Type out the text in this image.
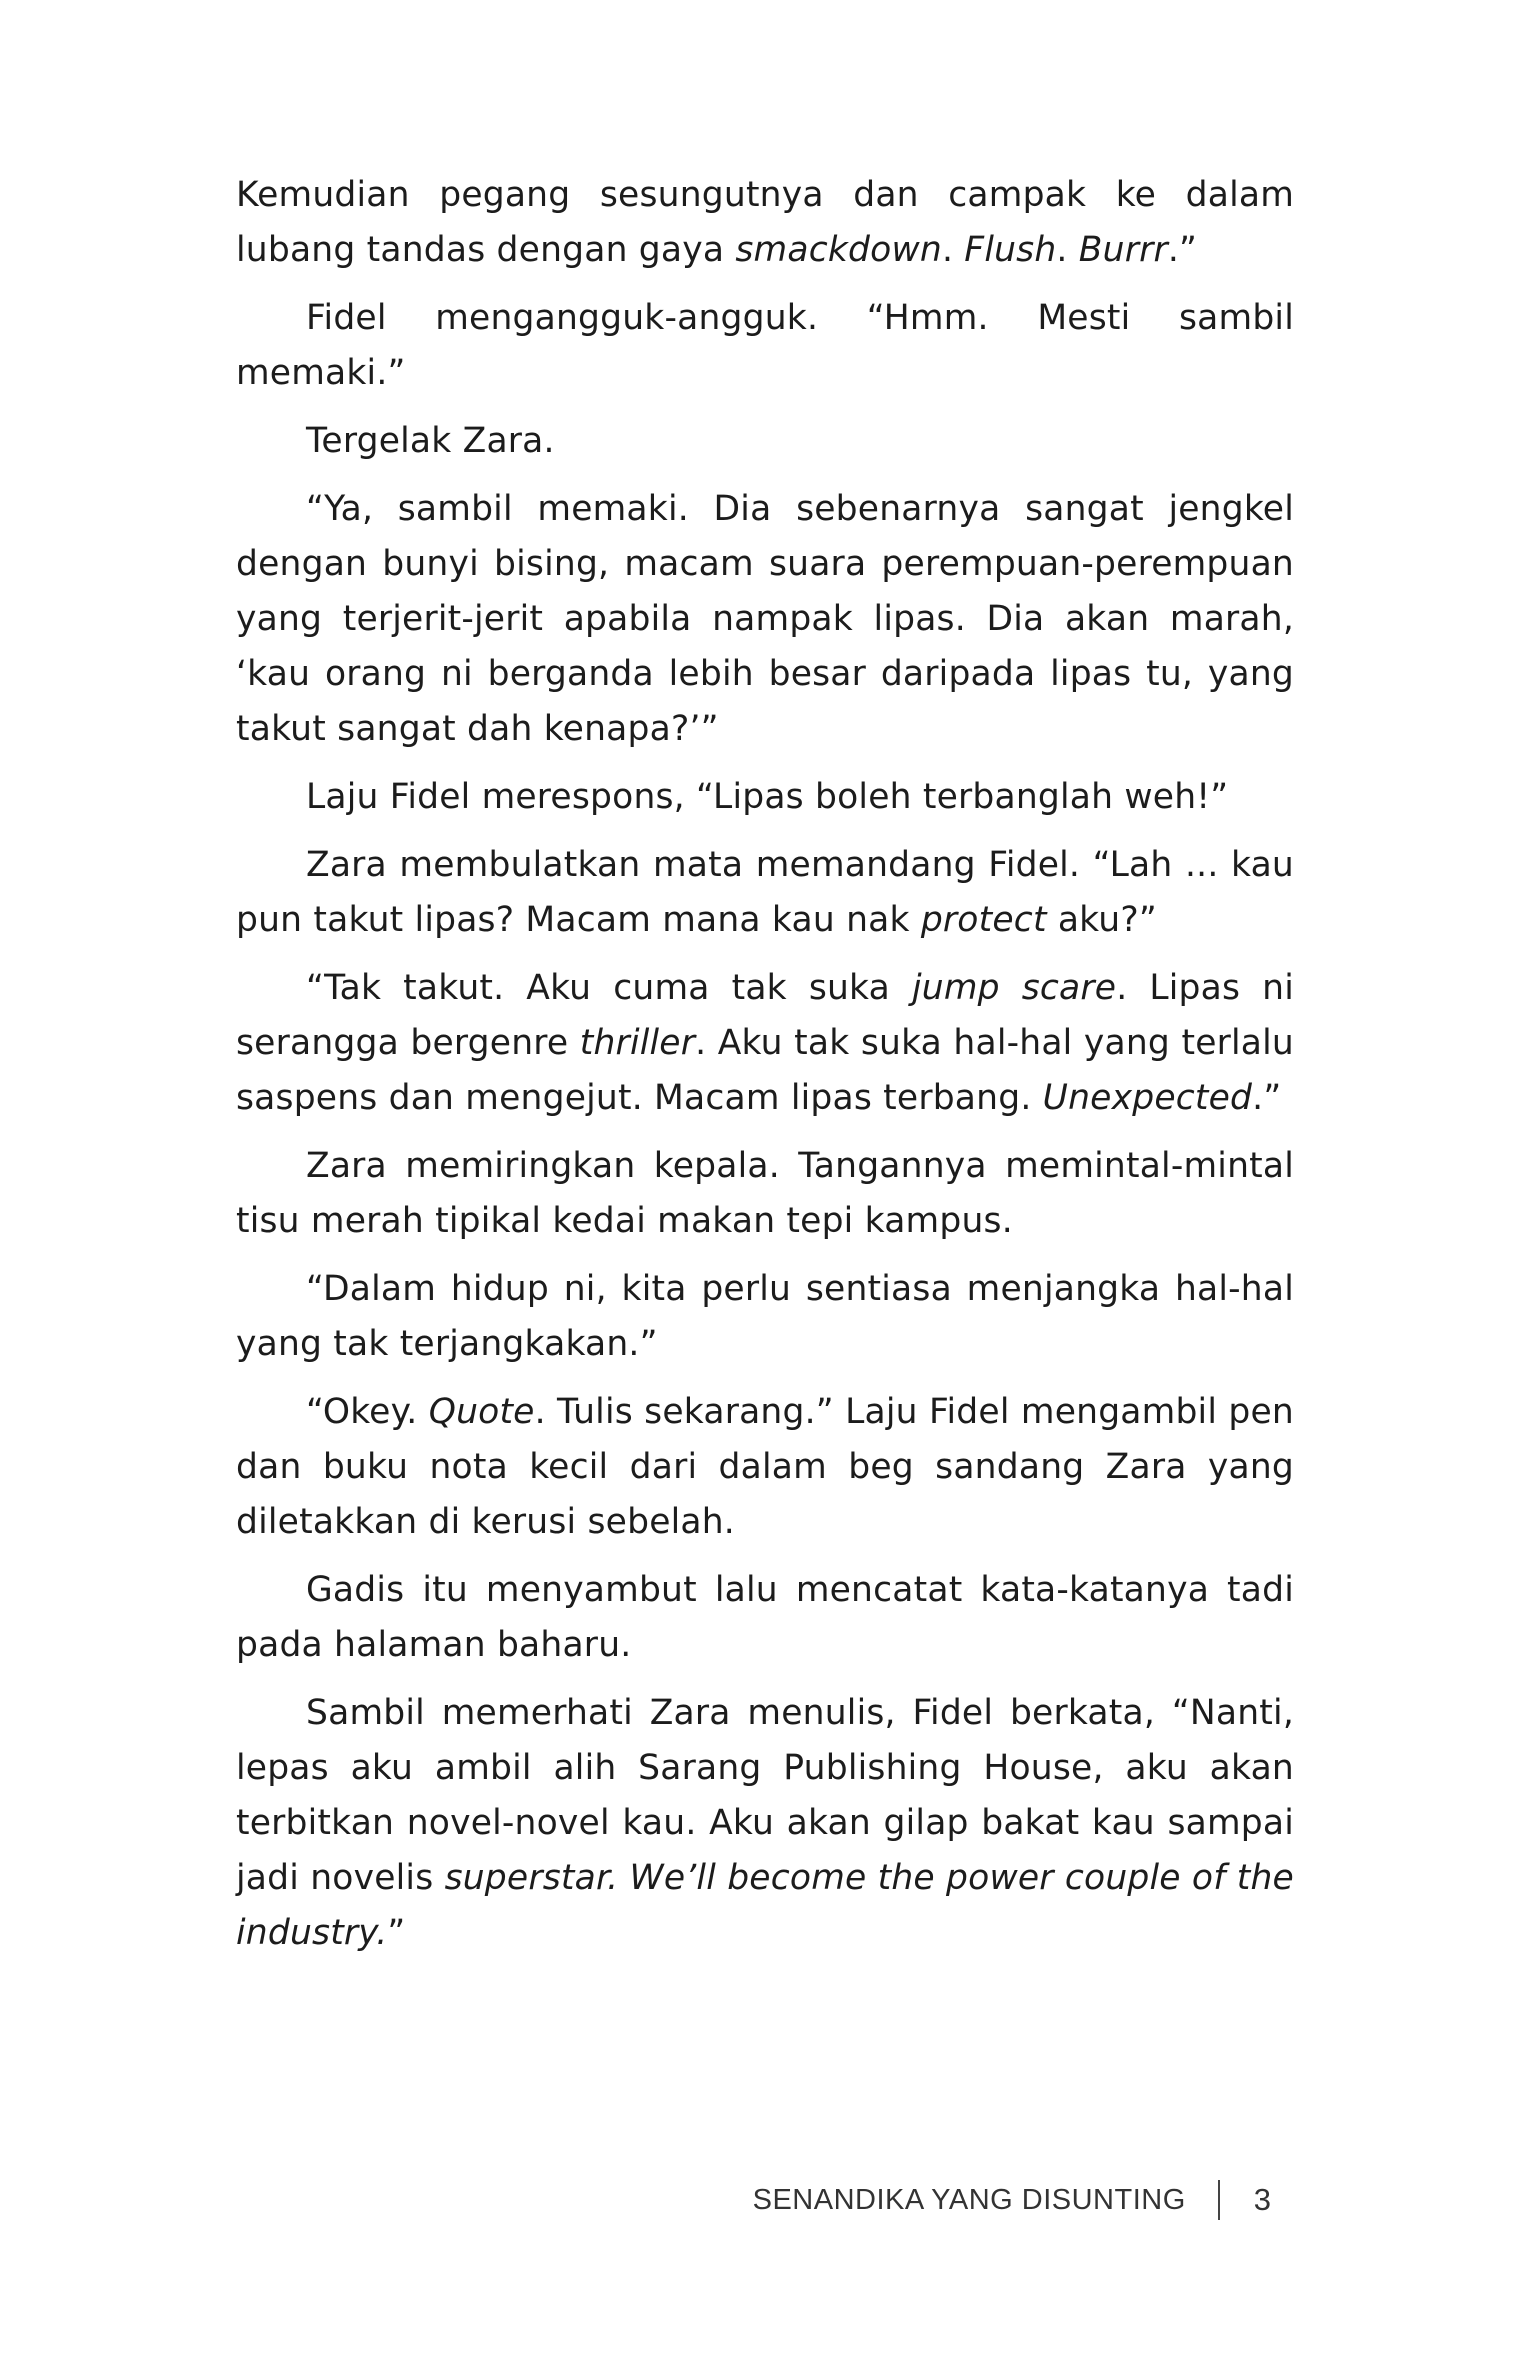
Kemudian pegang sesungutnya dan campak ke dalam lubang tandas dengan gaya smackdown. Flush. Burrr.”

Fidel mengangguk-angguk. “Hmm. Mesti sambil memaki.”

Tergelak Zara.

“Ya, sambil memaki. Dia sebenarnya sangat jengkel dengan bunyi bising, macam suara perempuan-perempuan yang terjerit-jerit apabila nampak lipas. Dia akan marah, ‘kau orang ni berganda lebih besar daripada lipas tu, yang takut sangat dah kenapa?’”

Laju Fidel merespons, “Lipas boleh terbanglah weh!”

Zara membulatkan mata memandang Fidel. “Lah ... kau pun takut lipas? Macam mana kau nak protect aku?”

“Tak takut. Aku cuma tak suka jump scare. Lipas ni serangga bergenre thriller. Aku tak suka hal-hal yang terlalu saspens dan mengejut. Macam lipas terbang. Unexpected.”

Zara memiringkan kepala. Tangannya memintal-mintal tisu merah tipikal kedai makan tepi kampus.

“Dalam hidup ni, kita perlu sentiasa menjangka hal-hal yang tak terjangkakan.”

“Okey. Quote. Tulis sekarang.” Laju Fidel mengambil pen dan buku nota kecil dari dalam beg sandang Zara yang diletakkan di kerusi sebelah.

Gadis itu menyambut lalu mencatat kata-katanya tadi pada halaman baharu.

Sambil memerhati Zara menulis, Fidel berkata, “Nanti, lepas aku ambil alih Sarang Publishing House, aku akan terbitkan novel-novel kau. Aku akan gilap bakat kau sampai jadi novelis superstar. We’ll become the power couple of the industry.”

SENANDIKA YANG DISUNTING 3
